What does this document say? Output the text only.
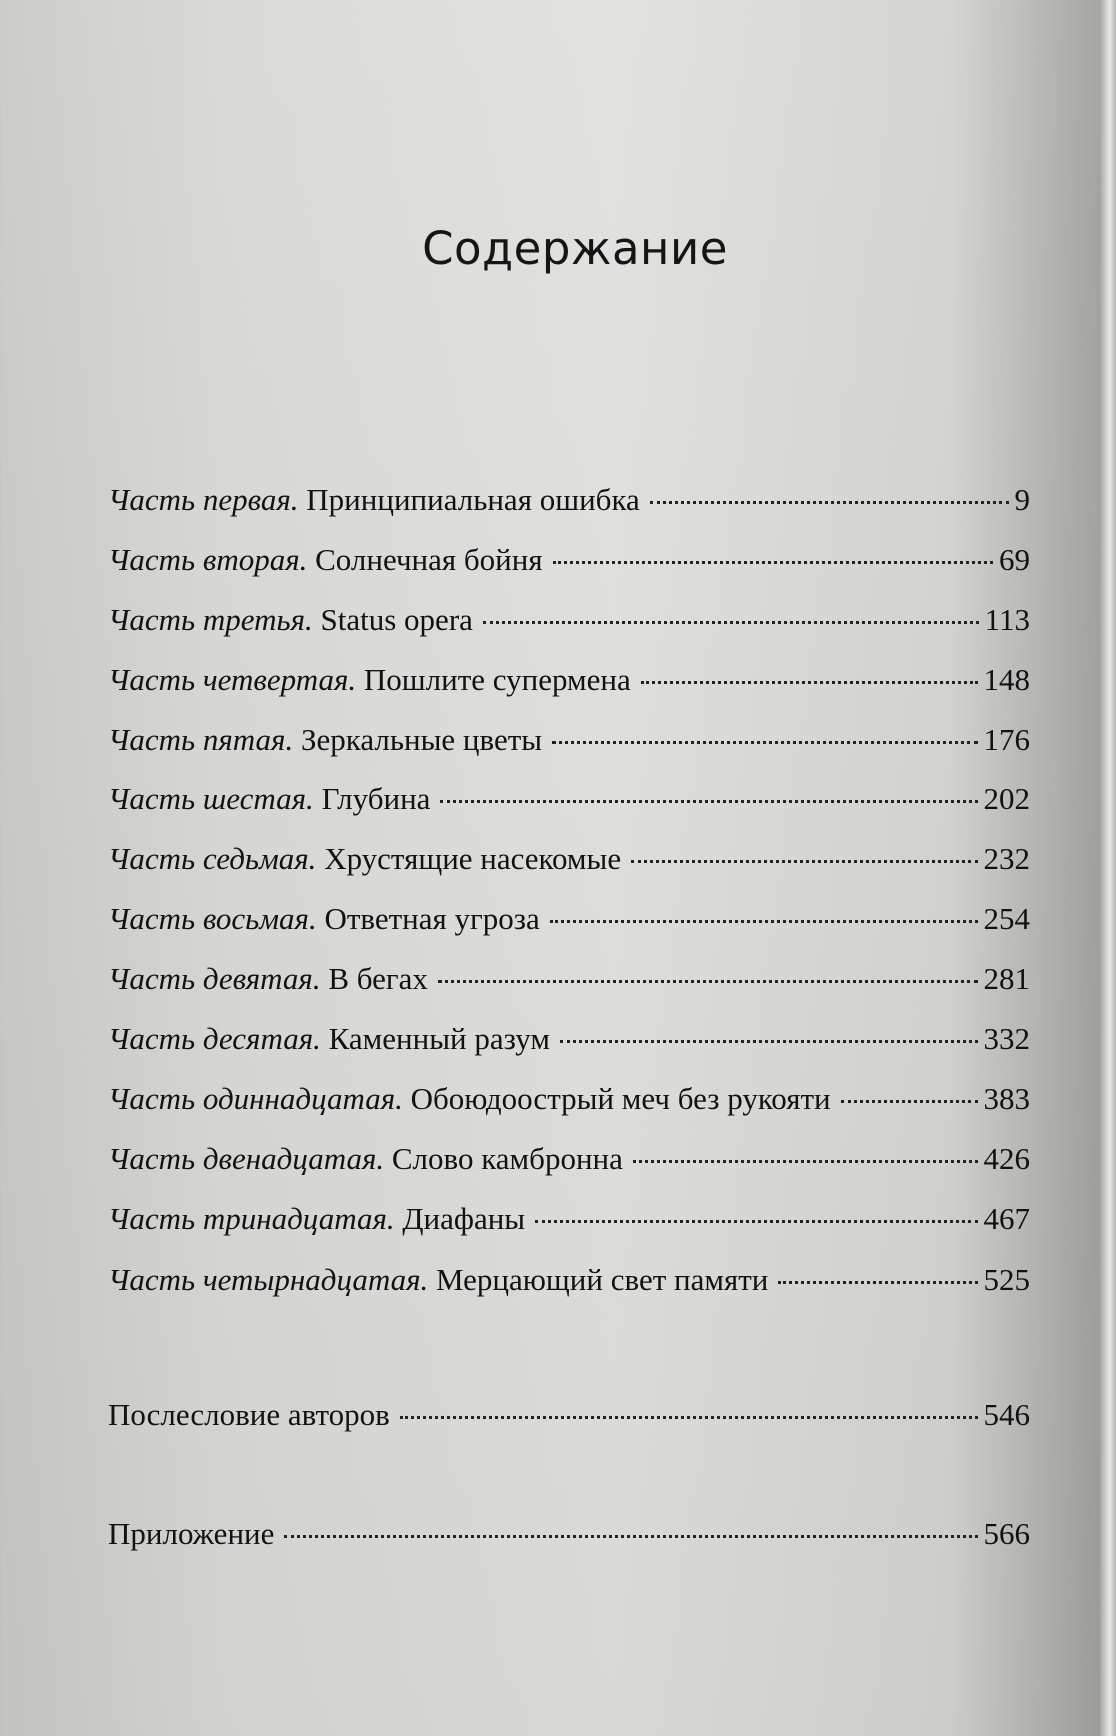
Содержание
Часть первая. Принципиальная ошибка	9
Часть вторая. Солнечная бойня	69
Часть третья. Status opera	113
Часть четвертая. Пошлите супермена	148
Часть пятая. Зеркальные цветы	176
Часть шестая. Глубина	202
Часть седьмая. Хрустящие насекомые	232
Часть восьмая. Ответная угроза	254
Часть девятая. В бегах	281
Часть десятая. Каменный разум	332
Часть одиннадцатая. Обоюдоострый меч без рукояти	383
Часть двенадцатая. Слово камбронна	426
Часть тринадцатая. Диафаны	467
Часть четырнадцатая. Мерцающий свет памяти	525
Послесловие авторов	546
Приложение	566
